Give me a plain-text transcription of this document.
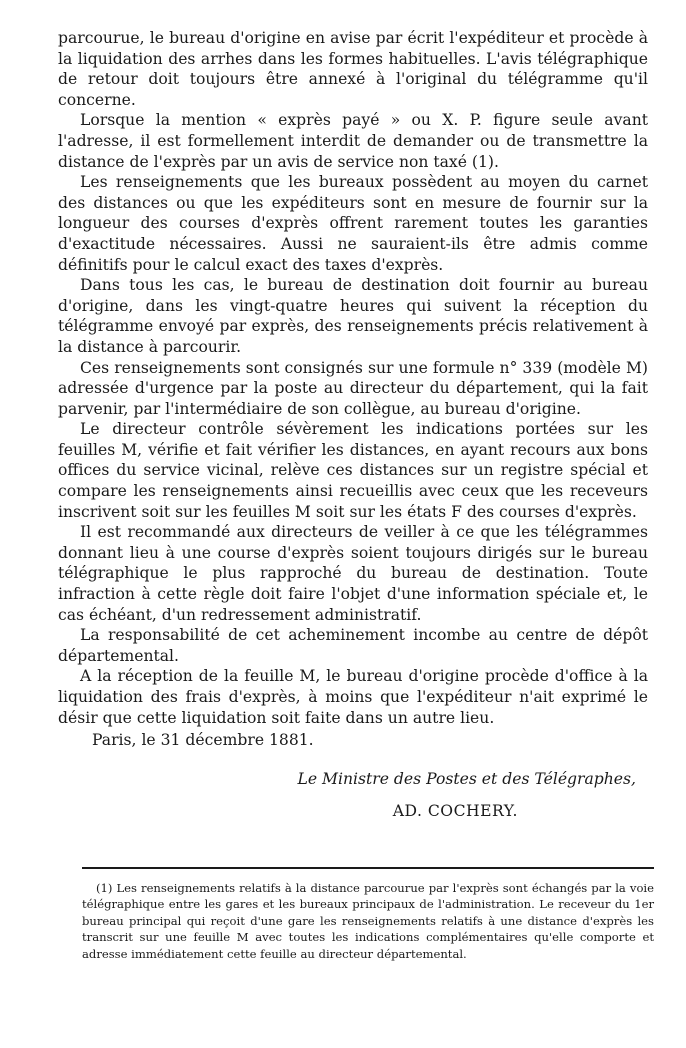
parcourue, le bureau d'origine en avise par écrit l'expéditeur et procède à la liquidation des arrhes dans les formes habituelles. L'avis télégraphique de retour doit toujours être annexé à l'original du télégramme qu'il concerne.

Lorsque la mention « exprès payé » ou X. P. figure seule avant l'adresse, il est formellement interdit de demander ou de transmettre la distance de l'exprès par un avis de service non taxé (1).

Les renseignements que les bureaux possèdent au moyen du carnet des distances ou que les expéditeurs sont en mesure de fournir sur la longueur des courses d'exprès offrent rarement toutes les garanties d'exactitude nécessaires. Aussi ne sauraient-ils être admis comme définitifs pour le calcul exact des taxes d'exprès.

Dans tous les cas, le bureau de destination doit fournir au bureau d'origine, dans les vingt-quatre heures qui suivent la réception du télégramme envoyé par exprès, des renseignements précis relativement à la distance à parcourir.

Ces renseignements sont consignés sur une formule n° 339 (modèle M) adressée d'urgence par la poste au directeur du département, qui la fait parvenir, par l'intermédiaire de son collègue, au bureau d'origine.

Le directeur contrôle sévèrement les indications portées sur les feuilles M, vérifie et fait vérifier les distances, en ayant recours aux bons offices du service vicinal, relève ces distances sur un registre spécial et compare les renseignements ainsi recueillis avec ceux que les receveurs inscrivent soit sur les feuilles M soit sur les états F des courses d'exprès.

Il est recommandé aux directeurs de veiller à ce que les télégrammes donnant lieu à une course d'exprès soient toujours dirigés sur le bureau télégraphique le plus rapproché du bureau de destination. Toute infraction à cette règle doit faire l'objet d'une information spéciale et, le cas échéant, d'un redressement administratif.

La responsabilité de cet acheminement incombe au centre de dépôt départemental.

A la réception de la feuille M, le bureau d'origine procède d'office à la liquidation des frais d'exprès, à moins que l'expéditeur n'ait exprimé le désir que cette liquidation soit faite dans un autre lieu.

Paris, le 31 décembre 1881.

Le Ministre des Postes et des Télégraphes,
AD. COCHERY.

(1) Les renseignements relatifs à la distance parcourue par l'exprès sont échangés par la voie télégraphique entre les gares et les bureaux principaux de l'administration. Le receveur du 1er bureau principal qui reçoit d'une gare les renseignements relatifs à une distance d'exprès les transcrit sur une feuille M avec toutes les indications complémentaires qu'elle comporte et adresse immédiatement cette feuille au directeur départemental.
